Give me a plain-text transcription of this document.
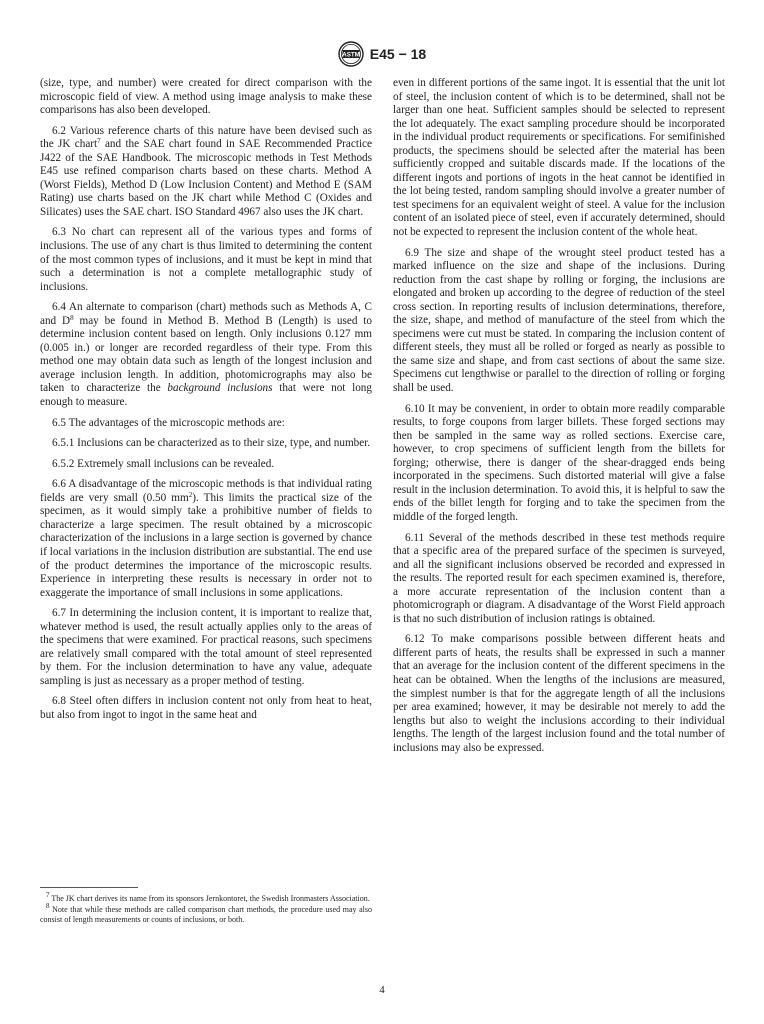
ASTM E45 − 18

(size, type, and number) were created for direct comparison with the microscopic field of view. A method using image analysis to make these comparisons has also been developed.

6.2 Various reference charts of this nature have been devised such as the JK chart$^7$ and the SAE chart found in SAE Recommended Practice J422 of the SAE Handbook. The microscopic methods in Test Methods E45 use refined comparison charts based on these charts. Method A (Worst Fields), Method D (Low Inclusion Content) and Method E (SAM Rating) use charts based on the JK chart while Method C (Oxides and Silicates) uses the SAE chart. ISO Standard 4967 also uses the JK chart.

6.3 No chart can represent all of the various types and forms of inclusions. The use of any chart is thus limited to determining the content of the most common types of inclusions, and it must be kept in mind that such a determination is not a complete metallographic study of inclusions.

6.4 An alternate to comparison (chart) methods such as Methods A, C and $D^8$ may be found in Method B. Method B (Length) is used to determine inclusion content based on length. Only inclusions 0.127 mm (0.005 in.) or longer are recorded regardless of their type. From this method one may obtain data such as length of the longest inclusion and average inclusion length. In addition, photomicrographs may also be taken to characterize the background inclusions that were not long enough to measure.

6.5 The advantages of the microscopic methods are:

6.5.1 Inclusions can be characterized as to their size, type, and number.

6.5.2 Extremely small inclusions can be revealed.

6.6 A disadvantage of the microscopic methods is that individual rating fields are very small (0.50 $mm^2$). This limits the practical size of the specimen, as it would simply take a prohibitive number of fields to characterize a large specimen. The result obtained by a microscopic characterization of the inclusions in a large section is governed by chance if local variations in the inclusion distribution are substantial. The end use of the product determines the importance of the microscopic results. Experience in interpreting these results is necessary in order not to exaggerate the importance of small inclusions in some applications.

6.7 In determining the inclusion content, it is important to realize that, whatever method is used, the result actually applies only to the areas of the specimens that were examined. For practical reasons, such specimens are relatively small compared with the total amount of steel represented by them. For the inclusion determination to have any value, adequate sampling is just as necessary as a proper method of testing.

6.8 Steel often differs in inclusion content not only from heat to heat, but also from ingot to ingot in the same heat and

even in different portions of the same ingot. It is essential that the unit lot of steel, the inclusion content of which is to be determined, shall not be larger than one heat. Sufficient samples should be selected to represent the lot adequately. The exact sampling procedure should be incorporated in the individual product requirements or specifications. For semifinished products, the specimens should be selected after the material has been sufficiently cropped and suitable discards made. If the locations of the different ingots and portions of ingots in the heat cannot be identified in the lot being tested, random sampling should involve a greater number of test specimens for an equivalent weight of steel. A value for the inclusion content of an isolated piece of steel, even if accurately determined, should not be expected to represent the inclusion content of the whole heat.

6.9 The size and shape of the wrought steel product tested has a marked influence on the size and shape of the inclusions. During reduction from the cast shape by rolling or forging, the inclusions are elongated and broken up according to the degree of reduction of the steel cross section. In reporting results of inclusion determinations, therefore, the size, shape, and method of manufacture of the steel from which the specimens were cut must be stated. In comparing the inclusion content of different steels, they must all be rolled or forged as nearly as possible to the same size and shape, and from cast sections of about the same size. Specimens cut lengthwise or parallel to the direction of rolling or forging shall be used.

6.10 It may be convenient, in order to obtain more readily comparable results, to forge coupons from larger billets. These forged sections may then be sampled in the same way as rolled sections. Exercise care, however, to crop specimens of sufficient length from the billets for forging; otherwise, there is danger of the shear-dragged ends being incorporated in the specimens. Such distorted material will give a false result in the inclusion determination. To avoid this, it is helpful to saw the ends of the billet length for forging and to take the specimen from the middle of the forged length.

6.11 Several of the methods described in these test methods require that a specific area of the prepared surface of the specimen is surveyed, and all the significant inclusions observed be recorded and expressed in the results. The reported result for each specimen examined is, therefore, a more accurate representation of the inclusion content than a photomicrograph or diagram. A disadvantage of the Worst Field approach is that no such distribution of inclusion ratings is obtained.

6.12 To make comparisons possible between different heats and different parts of heats, the results shall be expressed in such a manner that an average for the inclusion content of the different specimens in the heat can be obtained. When the lengths of the inclusions are measured, the simplest number is that for the aggregate length of all the inclusions per area examined; however, it may be desirable not merely to add the lengths but also to weight the inclusions according to their individual lengths. The length of the largest inclusion found and the total number of inclusions may also be expressed.

$^7$ The JK chart derives its name from its sponsors Jernkontoret, the Swedish Ironmasters Association.

$^8$ Note that while these methods are called comparison chart methods, the procedure used may also consist of length measurements or counts of inclusions, or both.

4
